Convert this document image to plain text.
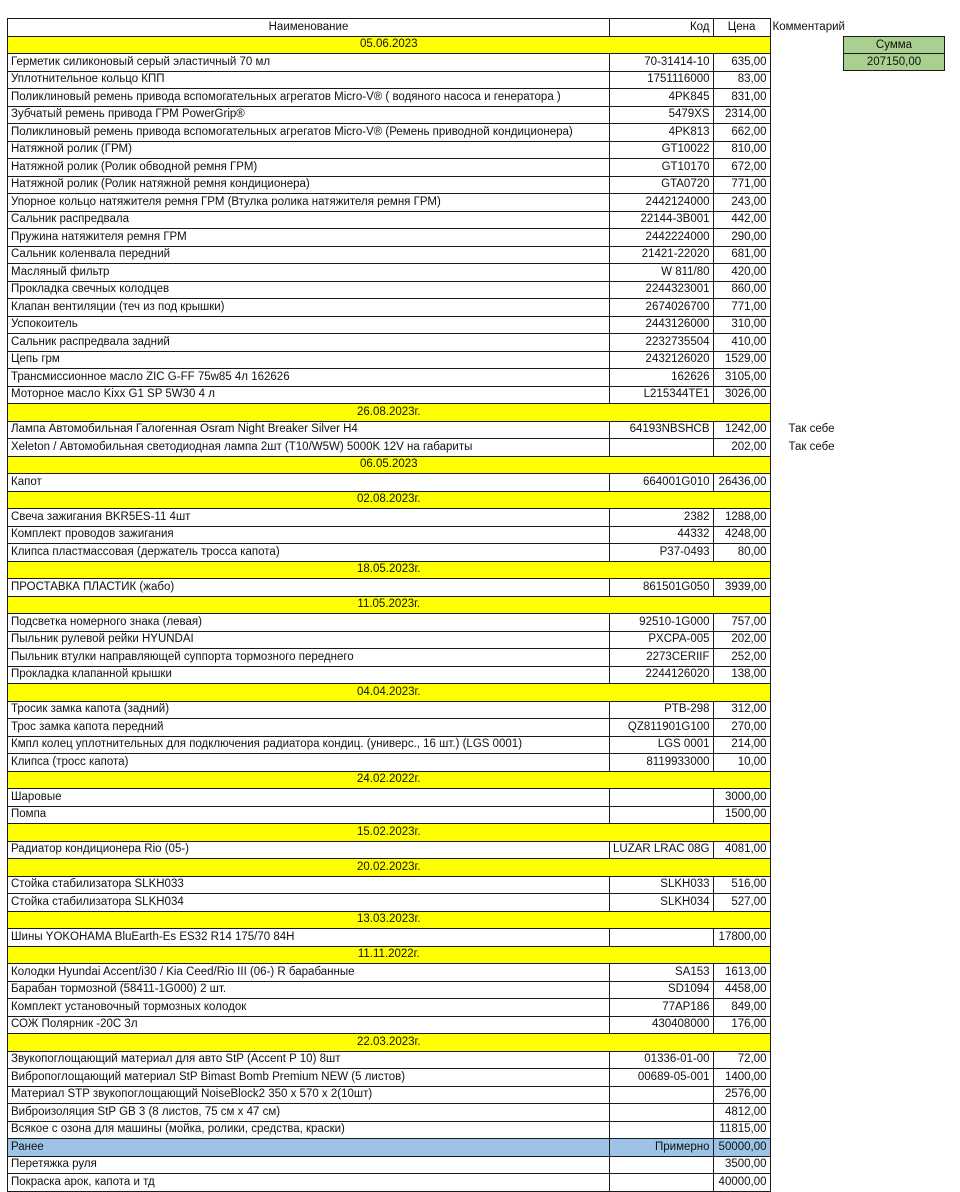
Наименование	Код	Цена	Комментарий
05.06.2023			
Герметик силиконовый серый эластичный 70 мл	70-31414-10	635,00	
Уплотнительное кольцо КПП	1751116000	83,00	
Поликлиновый ремень привода вспомогательных агрегатов Micro-V® ( водяного насоса и генератора )	4PK845	831,00	
Зубчатый ремень привода ГРМ PowerGrip®	5479XS	2314,00	
Поликлиновый ремень привода вспомогательных агрегатов Micro-V® (Ремень приводной кондиционера)	4PK813	662,00	
Натяжной ролик (ГРМ)	GT10022	810,00	
Натяжной ролик (Ролик обводной ремня ГРМ)	GT10170	672,00	
Натяжной ролик (Ролик натяжной ремня кондиционера)	GTA0720	771,00	
Упорное кольцо натяжителя ремня ГРМ (Втулка ролика натяжителя ремня ГРМ)	2442124000	243,00	
Сальник распредвала	22144-3B001	442,00	
Пружина натяжителя ремня ГРМ	2442224000	290,00	
Сальник коленвала передний	21421-22020	681,00	
Масляный фильтр	W 811/80	420,00	
Прокладка свечных колодцев	2244323001	860,00	
Клапан вентиляции (теч из под крышки)	2674026700	771,00	
Успокоитель	2443126000	310,00	
Сальник распредвала задний	2232735504	410,00	
Цепь грм	2432126020	1529,00	
Трансмиссионное масло ZIC G-FF 75w85 4л 162626	162626	3105,00	
Моторное масло Kixx G1 SP 5W30 4 л	L215344TE1	3026,00	
26.08.2023г.			
Лампа Автомобильная Галогенная Osram Night Breaker Silver H4	64193NBSHCB	1242,00	Так себе
Xeleton / Автомобильная светодиодная лампа 2шт (T10/W5W) 5000K 12V на габариты		202,00	Так себе
06.05.2023			
Капот	664001G010	26436,00	
02.08.2023г.			
Свеча зажигания BKR5ES-11 4шт	2382	1288,00	
Комплект проводов зажигания	44332	4248,00	
Клипса пластмассовая (держатель тросса капота)	P37-0493	80,00	
18.05.2023г.			
ПРОСТАВКА ПЛАСТИК (жабо)	861501G050	3939,00	
11.05.2023г.			
Подсветка номерного знака (левая)	92510-1G000	757,00	
Пыльник рулевой рейки HYUNDAI	PXCPA-005	202,00	
Пыльник втулки направляющей суппорта тормозного переднего	2273CERIIF	252,00	
Прокладка клапанной крышки	2244126020	138,00	
04.04.2023г.			
Тросик замка капота (задний)	PTB-298	312,00	
Трос замка капота передний	QZ811901G100	270,00	
Кмпл колец уплотнительных для подключения радиатора кондиц. (универс., 16 шт.) (LGS 0001)	LGS 0001	214,00	
Клипса (тросс капота)	8119933000	10,00	
24.02.2022г.			
Шаровые		3000,00	
Помпа		1500,00	
15.02.2023г.			
Радиатор кондиционера Rio (05-)	LUZAR LRAC 08G	4081,00	
20.02.2023г.			
Стойка стабилизатора SLKH033	SLKH033	516,00	
Стойка стабилизатора SLKH034	SLKH034	527,00	
13.03.2023г.			
Шины YOKOHAMA BluEarth-Es ES32 R14 175/70 84H		17800,00	
11.11.2022г.			
Колодки Hyundai Accent/i30 / Kia Ceed/Rio III (06-) R барабанные	SA153	1613,00	
Барабан тормозной (58411-1G000) 2 шт.	SD1094	4458,00	
Комплект установочный тормозных колодок	77AP186	849,00	
СОЖ Полярник -20С 3л	430408000	176,00	
22.03.2023г.			
Звукопоглощающий материал для авто StP (Accent P 10) 8шт	01336-01-00	72,00	
Вибропоглощающий материал StP Bimast Bomb Premium NEW (5 листов)	00689-05-001	1400,00	
Материал STP звукопоглощающий NoiseBlock2 350 x 570 x 2(10шт)		2576,00	
Виброизоляция StP GB 3 (8 листов, 75 см х 47 см)		4812,00	
Всякое с озона для машины (мойка, ролики, средства, краски)		11815,00	
Ранее	Примерно	50000,00	
Перетяжка руля		3500,00	
Покраска арок, капота и тд		40000,00	
Сумма
207150,00
